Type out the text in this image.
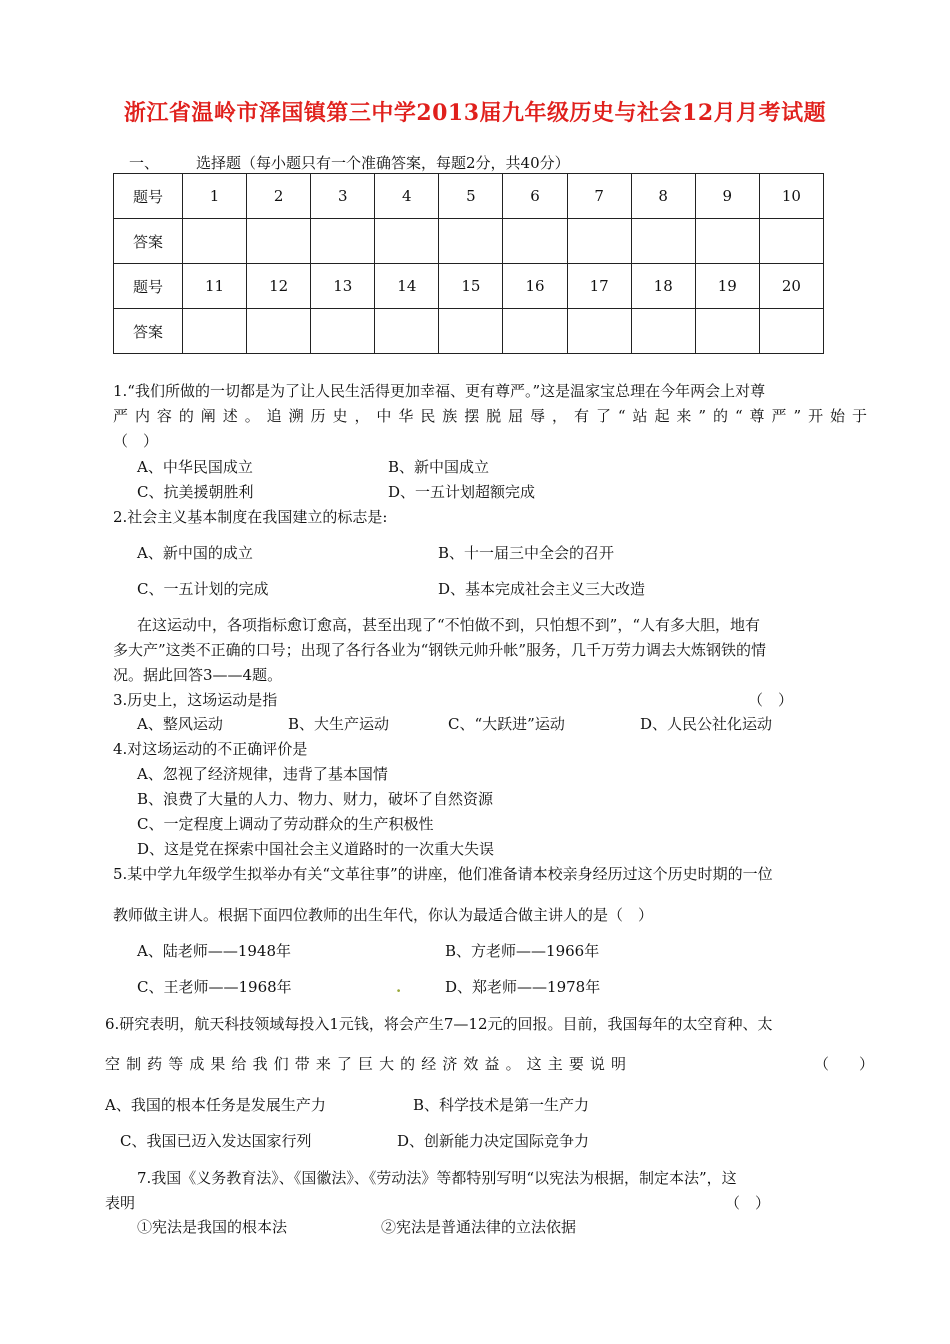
浙江省温岭市泽国镇第三中学2013届九年级历史与社会12月月考试题
一、 选择题（每小题只有一个准确答案，每题2分，共40分）
题号	1	2	3	4	5	6	7	8	9	10
答案										
题号	11	12	13	14	15	16	17	18	19	20
答案										
1.“我们所做的一切都是为了让人民生活得更加幸福、更有尊严。”这是温家宝总理在今年两会上对尊
严内容的阐述。追溯历史，中华民族摆脱屈辱，有了“站起来”的“尊严”开始于
（　）
A、中华民国成立	B、新中国成立
C、抗美援朝胜利	D、一五计划超额完成
2.社会主义基本制度在我国建立的标志是:
A、新中国的成立	B、十一届三中全会的召开
C、一五计划的完成	D、基本完成社会主义三大改造
在这运动中，各项指标愈订愈高，甚至出现了“不怕做不到，只怕想不到”，“人有多大胆，地有
多大产”这类不正确的口号；出现了各行各业为“钢铁元帅升帐”服务，几千万劳力调去大炼钢铁的情
况。据此回答3——4题。
3.历史上，这场运动是指	（　）
A、整风运动	B、大生产运动	C、“大跃进”运动	D、人民公社化运动
4.对这场运动的不正确评价是
A、忽视了经济规律，违背了基本国情
B、浪费了大量的人力、物力、财力，破坏了自然资源
C、一定程度上调动了劳动群众的生产积极性
D、这是党在探索中国社会主义道路时的一次重大失误
5.某中学九年级学生拟举办有关“文革往事”的讲座，他们准备请本校亲身经历过这个历史时期的一位
教师做主讲人。根据下面四位教师的出生年代，你认为最适合做主讲人的是（　）
A、陆老师——1948年	B、方老师——1966年
C、王老师——1968年	.	D、郑老师——1978年
6.研究表明，航天科技领域每投入1元钱，将会产生7—12元的回报。目前，我国每年的太空育种、太
空制药等成果给我们带来了巨大的经济效益。这主要说明	（　　）
A、我国的根本任务是发展生产力	B、科学技术是第一生产力
C、我国已迈入发达国家行列	D、创新能力决定国际竞争力
7.我国《义务教育法》、《国徽法》、《劳动法》等都特别写明“以宪法为根据，制定本法”，这
表明	（　）
①宪法是我国的根本法	②宪法是普通法律的立法依据
